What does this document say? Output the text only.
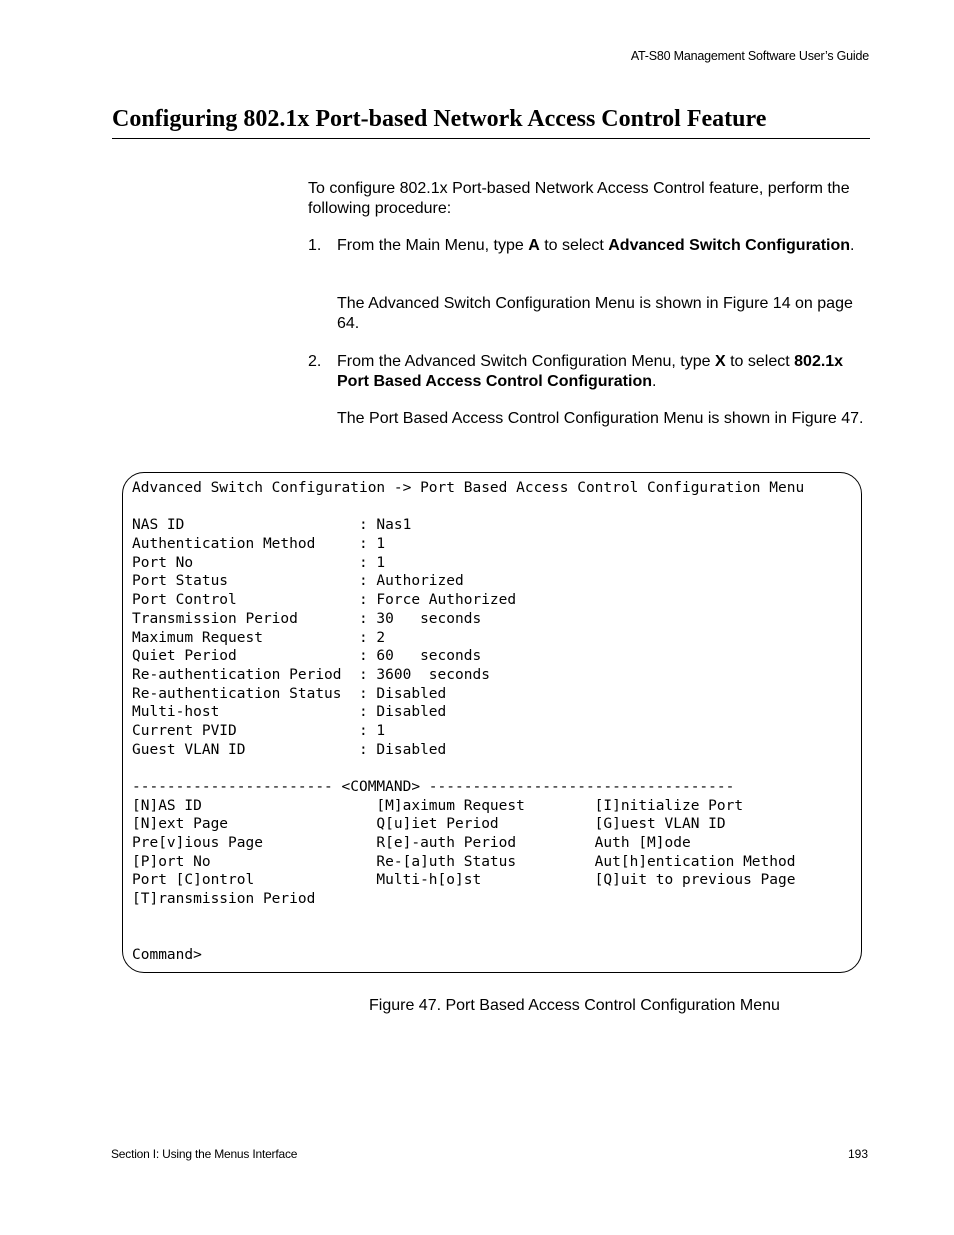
AT-S80 Management Software User’s Guide
Configuring 802.1x Port-based Network Access Control Feature

To configure 802.1x Port-based Network Access Control feature, perform the following procedure:

1. From the Main Menu, type A to select Advanced Switch Configuration.

The Advanced Switch Configuration Menu is shown in Figure 14 on page 64.

2. From the Advanced Switch Configuration Menu, type X to select 802.1x Port Based Access Control Configuration.

The Port Based Access Control Configuration Menu is shown in Figure 47.

Advanced Switch Configuration -> Port Based Access Control Configuration Menu
NAS ID                    : Nas1
Authentication Method     : 1
Port No                   : 1
Port Status               : Authorized
Port Control              : Force Authorized
Transmission Period       : 30   seconds
Maximum Request           : 2
Quiet Period              : 60   seconds
Re-authentication Period  : 3600  seconds
Re-authentication Status  : Disabled
Multi-host                : Disabled
Current PVID              : 1
Guest VLAN ID             : Disabled
----------------------- <COMMAND> -----------------------------------
[N]AS ID                    [M]aximum Request        [I]nitialize Port
[N]ext Page                 Q[u]iet Period           [G]uest VLAN ID
Pre[v]ious Page             R[e]-auth Period         Auth [M]ode
[P]ort No                   Re-[a]uth Status         Aut[h]entication Method
Port [C]ontrol              Multi-h[o]st             [Q]uit to previous Page
[T]ransmission Period
Command>
Figure 47. Port Based Access Control Configuration Menu
Section I: Using the Menus Interface	193
